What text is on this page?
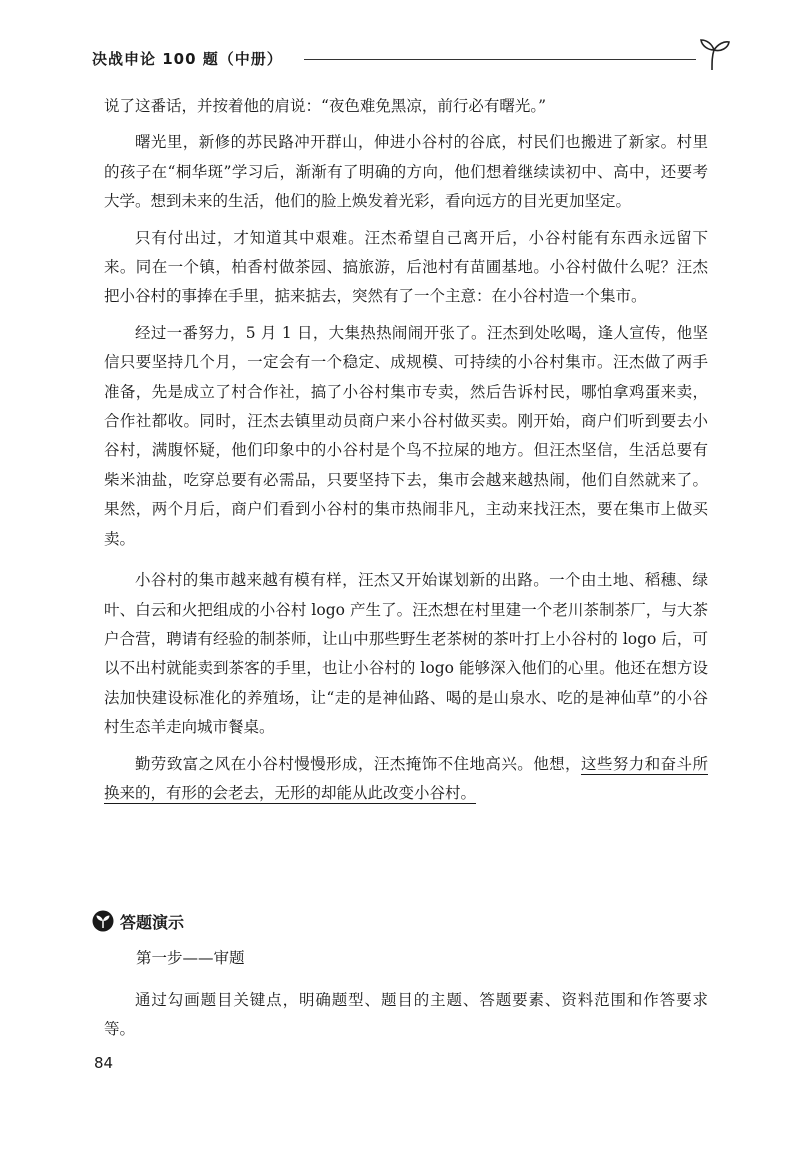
决战申论 100 题（中册）

说了这番话，并按着他的肩说：“夜色难免黑凉，前行必有曙光。”

曙光里，新修的苏民路冲开群山，伸进小谷村的谷底，村民们也搬进了新家。村里的孩子在“桐华斑”学习后，渐渐有了明确的方向，他们想着继续读初中、高中，还要考大学。想到未来的生活，他们的脸上焕发着光彩，看向远方的目光更加坚定。

只有付出过，才知道其中艰难。汪杰希望自己离开后，小谷村能有东西永远留下来。同在一个镇，柏香村做茶园、搞旅游，后池村有苗圃基地。小谷村做什么呢？汪杰把小谷村的事捧在手里，掂来掂去，突然有了一个主意：在小谷村造一个集市。

经过一番努力，5 月 1 日，大集热热闹闹开张了。汪杰到处吆喝，逢人宣传，他坚信只要坚持几个月，一定会有一个稳定、成规模、可持续的小谷村集市。汪杰做了两手准备，先是成立了村合作社，搞了小谷村集市专卖，然后告诉村民，哪怕拿鸡蛋来卖，合作社都收。同时，汪杰去镇里动员商户来小谷村做买卖。刚开始，商户们听到要去小谷村，满腹怀疑，他们印象中的小谷村是个鸟不拉屎的地方。但汪杰坚信，生活总要有柴米油盐，吃穿总要有必需品，只要坚持下去，集市会越来越热闹，他们自然就来了。果然，两个月后，商户们看到小谷村的集市热闹非凡，主动来找汪杰，要在集市上做买卖。

小谷村的集市越来越有模有样，汪杰又开始谋划新的出路。一个由土地、稻穗、绿叶、白云和火把组成的小谷村 logo 产生了。汪杰想在村里建一个老川茶制茶厂，与大茶户合营，聘请有经验的制茶师，让山中那些野生老茶树的茶叶打上小谷村的 logo 后，可以不出村就能卖到茶客的手里，也让小谷村的 logo 能够深入他们的心里。他还在想方设法加快建设标准化的养殖场，让“走的是神仙路、喝的是山泉水、吃的是神仙草”的小谷村生态羊走向城市餐桌。

勤劳致富之风在小谷村慢慢形成，汪杰掩饰不住地高兴。他想，这些努力和奋斗所换来的，有形的会老去，无形的却能从此改变小谷村。

答题演示
第一步——审题

通过勾画题目关键点，明确题型、题目的主题、答题要素、资料范围和作答要求等。

84
